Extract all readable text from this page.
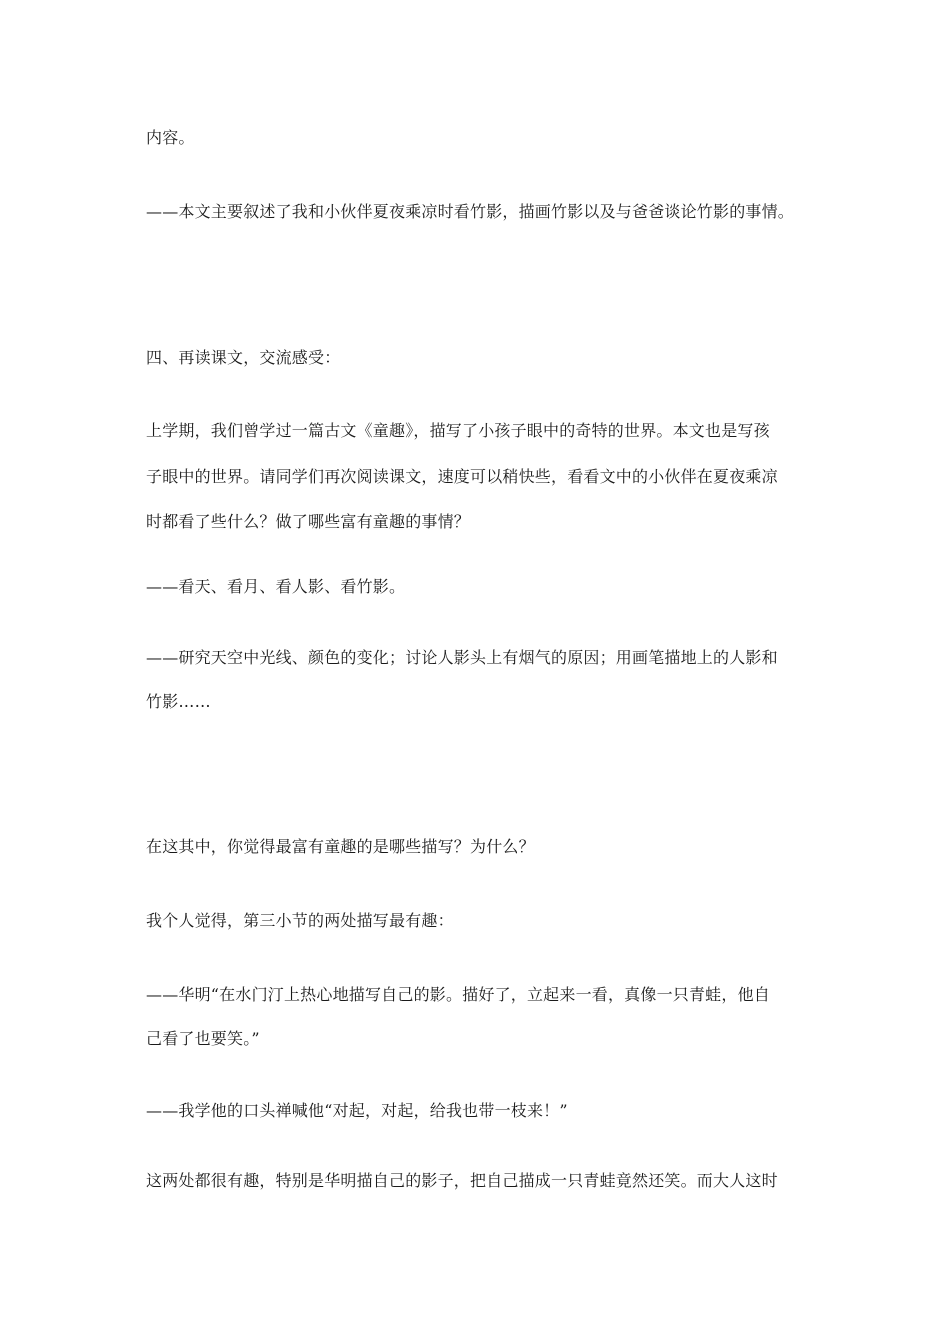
内容。
——本文主要叙述了我和小伙伴夏夜乘凉时看竹影，描画竹影以及与爸爸谈论竹影的事情。
四、再读课文，交流感受：
上学期，我们曾学过一篇古文《童趣》，描写了小孩子眼中的奇特的世界。本文也是写孩
子眼中的世界。请同学们再次阅读课文，速度可以稍快些，看看文中的小伙伴在夏夜乘凉
时都看了些什么？做了哪些富有童趣的事情？
——看天、看月、看人影、看竹影。
——研究天空中光线、颜色的变化；讨论人影头上有烟气的原因；用画笔描地上的人影和
竹影……
在这其中，你觉得最富有童趣的是哪些描写？为什么？
我个人觉得，第三小节的两处描写最有趣：
——华明“在水门汀上热心地描写自己的影。描好了，立起来一看，真像一只青蛙，他自
己看了也要笑。”
——我学他的口头禅喊他“对起，对起，给我也带一枝来！”
这两处都很有趣，特别是华明描自己的影子，把自己描成一只青蛙竟然还笑。而大人这时
